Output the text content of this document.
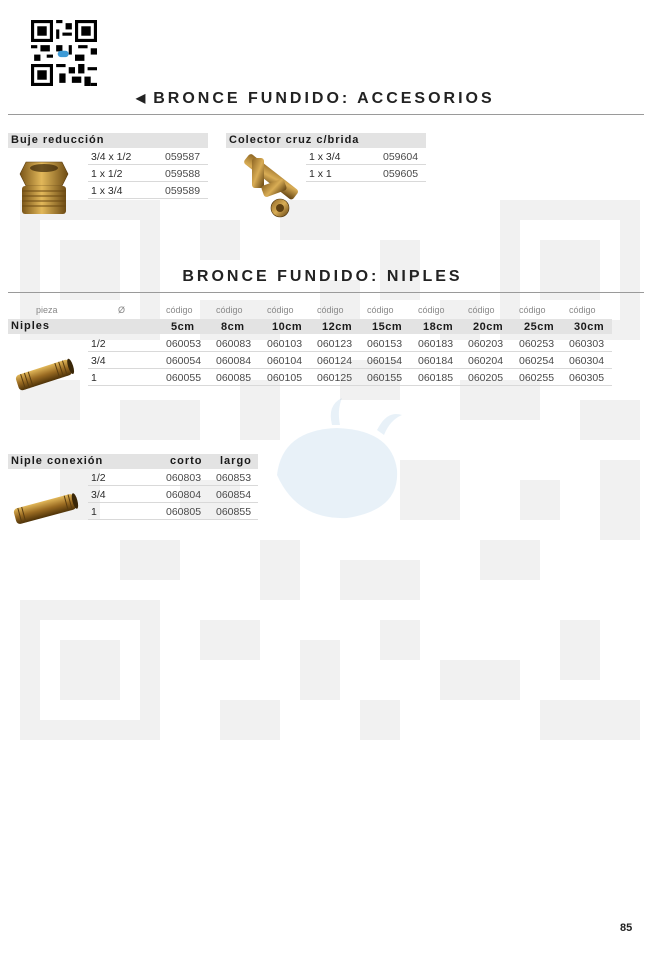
◀ BRONCE FUNDIDO: ACCESORIOS
Buje reducción
3/4 x 1/2	059587
1 x 1/2	059588
1 x 3/4	059589
Colector cruz c/brida
1 x 3/4	059604
1 x 1	059605
BRONCE FUNDIDO: NIPLES
pieza	Ø	código	código	código	código	código	código	código	código	código
Niples	5cm 8cm 10cm 12cm 15cm 18cm 20cm 25cm 30cm
1/2	060053 060083 060103 060123 060153 060183 060203 060253 060303
3/4	060054 060084 060104 060124 060154 060184 060204 060254 060304
1	060055 060085 060105 060125 060155 060185 060205 060255 060305
Niple conexión	corto largo
1/2	060803 060853
3/4	060804 060854
1	060805 060855
85
